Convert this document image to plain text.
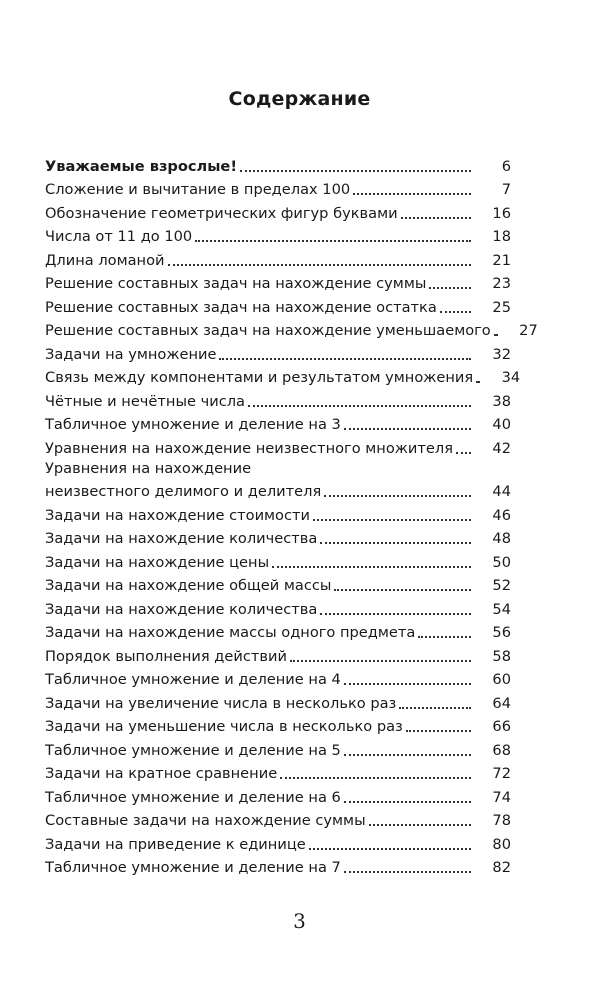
Содержание
Уважаемые взрослые!	6
Сложение и вычитание в пределах 100	7
Обозначение геометрических фигур буквами	16
Числа от 11 до 100	18
Длина ломаной	21
Решение составных задач на нахождение суммы	23
Решение составных задач на нахождение остатка	25
Решение составных задач на нахождение уменьшаемого	27
Задачи на умножение	32
Связь между компонентами и результатом умножения	34
Чётные и нечётные числа	38
Табличное умножение и деление на 3	40
Уравнения на нахождение неизвестного множителя	42
Уравнения на нахождение
неизвестного делимого и делителя	44
Задачи на нахождение стоимости	46
Задачи на нахождение количества	48
Задачи на нахождение цены	50
Задачи на нахождение общей массы	52
Задачи на нахождение количества	54
Задачи на нахождение массы одного предмета	56
Порядок выполнения действий	58
Табличное умножение и деление на 4	60
Задачи на увеличение числа в несколько раз	64
Задачи на уменьшение числа в несколько раз	66
Табличное умножение и деление на 5	68
Задачи на кратное сравнение	72
Табличное умножение и деление на 6	74
Составные задачи на нахождение суммы	78
Задачи на приведение к единице	80
Табличное умножение и деление на 7	82
3
